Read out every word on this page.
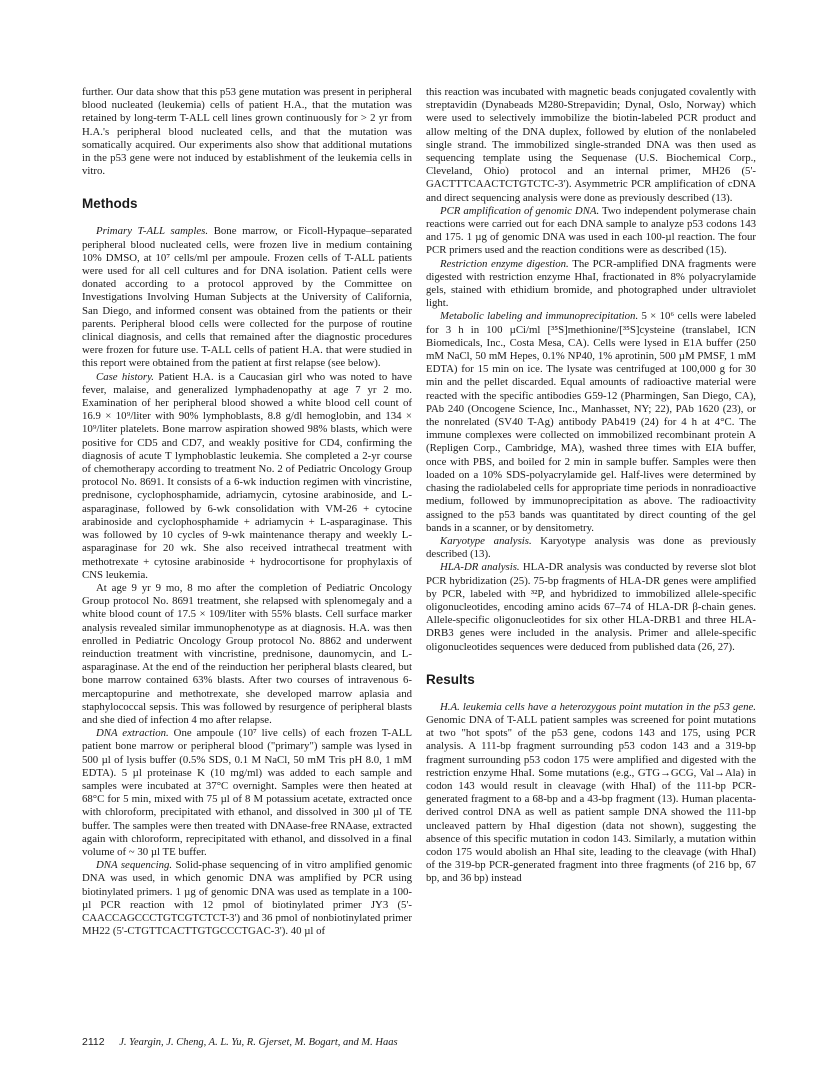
further. Our data show that this p53 gene mutation was present in peripheral blood nucleated (leukemia) cells of patient H.A., that the mutation was retained by long-term T-ALL cell lines grown continuously for > 2 yr from H.A.'s peripheral blood nucleated cells, and that the mutation was somatically acquired. Our experiments also show that additional mutations in the p53 gene were not induced by establishment of the leukemia cells in vitro.

Methods

Primary T-ALL samples. Bone marrow, or Ficoll-Hypaque–separated peripheral blood nucleated cells, were frozen live in medium containing 10% DMSO, at 10⁷ cells/ml per ampoule. Frozen cells of T-ALL patients were used for all cell cultures and for DNA isolation. Patient cells were donated according to a protocol approved by the Committee on Investigations Involving Human Subjects at the University of California, San Diego, and informed consent was obtained from the patients or their parents. Peripheral blood cells were collected for the purpose of routine clinical diagnosis, and cells that remained after the diagnostic procedures were frozen for future use. T-ALL cells of patient H.A. that were studied in this report were obtained from the patient at first relapse (see below).

Case history. Patient H.A. is a Caucasian girl who was noted to have fever, malaise, and generalized lymphadenopathy at age 7 yr 2 mo. Examination of her peripheral blood showed a white blood cell count of 16.9 × 10⁹/liter with 90% lymphoblasts, 8.8 g/dl hemoglobin, and 134 × 10⁹/liter platelets. Bone marrow aspiration showed 98% blasts, which were positive for CD5 and CD7, and weakly positive for CD4, confirming the diagnosis of acute T lymphoblastic leukemia. She completed a 2-yr course of chemotherapy according to treatment No. 2 of Pediatric Oncology Group protocol No. 8691. It consists of a 6-wk induction regimen with vincristine, prednisone, cyclophosphamide, adriamycin, cytosine arabinoside, and L-asparaginase, followed by 6-wk consolidation with VM-26 + cytocine arabinoside and cyclophosphamide + adriamycin + L-asparaginase. This was followed by 10 cycles of 9-wk maintenance therapy and weekly L-asparaginase for 20 wk. She also received intrathecal treatment with methotrexate + cytosine arabinoside + hydrocortisone for prophylaxis of CNS leukemia.

At age 9 yr 9 mo, 8 mo after the completion of Pediatric Oncology Group protocol No. 8691 treatment, she relapsed with splenomegaly and a white blood count of 17.5 × 109/liter with 55% blasts. Cell surface marker analysis revealed similar immunophenotype as at diagnosis. H.A. was then enrolled in Pediatric Oncology Group protocol No. 8862 and underwent reinduction treatment with vincristine, prednisone, daunomycin, and L-asparaginase. At the end of the reinduction her peripheral blasts cleared, but bone marrow contained 63% blasts. After two courses of intravenous 6-mercaptopurine and methotrexate, she developed marrow aplasia and staphylococcal sepsis. This was followed by resurgence of peripheral blasts and she died of infection 4 mo after relapse.

DNA extraction. One ampoule (10⁷ live cells) of each frozen T-ALL patient bone marrow or peripheral blood ("primary") sample was lysed in 500 µl of lysis buffer (0.5% SDS, 0.1 M NaCl, 50 mM Tris pH 8.0, 1 mM EDTA). 5 µl proteinase K (10 mg/ml) was added to each sample and samples were incubated at 37°C overnight. Samples were then heated at 68°C for 5 min, mixed with 75 µl of 8 M potassium acetate, extracted once with chloroform, precipitated with ethanol, and dissolved in 300 µl of TE buffer. The samples were then treated with DNAase-free RNAase, extracted again with chloroform, reprecipitated with ethanol, and dissolved in a final volume of ~ 30 µl TE buffer.

DNA sequencing. Solid-phase sequencing of in vitro amplified genomic DNA was used, in which genomic DNA was amplified by PCR using biotinylated primers. 1 µg of genomic DNA was used as template in a 100-µl PCR reaction with 12 pmol of biotinylated primer JY3 (5'-CAACCAGCCCTGTCGTCTCT-3') and 36 pmol of nonbiotinylated primer MH22 (5'-CTGTTCACTTGTGCCCTGAC-3'). 40 µl of

this reaction was incubated with magnetic beads conjugated covalently with streptavidin (Dynabeads M280-Strepavidin; Dynal, Oslo, Norway) which were used to selectively immobilize the biotin-labeled PCR product and allow melting of the DNA duplex, followed by elution of the nonlabeled single strand. The immobilized single-stranded DNA was then used as sequencing template using the Sequenase (U.S. Biochemical Corp., Cleveland, Ohio) protocol and an internal primer, MH26 (5'-GACTTTCAACTCTGTCTC-3'). Asymmetric PCR amplification of cDNA and direct sequencing analysis were done as previously described (13).

PCR amplification of genomic DNA. Two independent polymerase chain reactions were carried out for each DNA sample to analyze p53 codons 143 and 175. 1 µg of genomic DNA was used in each 100-µl reaction. The four PCR primers used and the reaction conditions were as described (15).

Restriction enzyme digestion. The PCR-amplified DNA fragments were digested with restriction enzyme HhaI, fractionated in 8% polyacrylamide gels, stained with ethidium bromide, and photographed under ultraviolet light.

Metabolic labeling and immunoprecipitation. 5 × 10⁶ cells were labeled for 3 h in 100 µCi/ml [³⁵S]methionine/[³⁵S]cysteine (translabel, ICN Biomedicals, Inc., Costa Mesa, CA). Cells were lysed in E1A buffer (250 mM NaCl, 50 mM Hepes, 0.1% NP40, 1% aprotinin, 500 µM PMSF, 1 mM EDTA) for 15 min on ice. The lysate was centrifuged at 100,000 g for 30 min and the pellet discarded. Equal amounts of radioactive material were reacted with the specific antibodies G59-12 (Pharmingen, San Diego, CA), PAb 240 (Oncogene Science, Inc., Manhasset, NY; 22), PAb 1620 (23), or the nonrelated (SV40 T-Ag) antibody PAb419 (24) for 4 h at 4°C. The immune complexes were collected on immobilized recombinant protein A (Repligen Corp., Cambridge, MA), washed three times with EIA buffer, once with PBS, and boiled for 2 min in sample buffer. Samples were then loaded on a 10% SDS-polyacrylamide gel. Half-lives were determined by chasing the radiolabeled cells for appropriate time periods in nonradioactive medium, followed by immunoprecipitation as above. The radioactivity assigned to the p53 bands was quantitated by direct counting of the gel bands in a scanner, or by densitometry.

Karyotype analysis. Karyotype analysis was done as previously described (13).

HLA-DR analysis. HLA-DR analysis was conducted by reverse slot blot PCR hybridization (25). 75-bp fragments of HLA-DR genes were amplified by PCR, labeled with ³²P, and hybridized to immobilized allele-specific oligonucleotides, encoding amino acids 67–74 of HLA-DR β-chain genes. Allele-specific oligonucleotides for six other HLA-DRB1 and three HLA-DRB3 genes were included in the analysis. Primer and allele-specific oligonucleotides sequences were deduced from published data (26, 27).

Results

H.A. leukemia cells have a heterozygous point mutation in the p53 gene. Genomic DNA of T-ALL patient samples was screened for point mutations at two "hot spots" of the p53 gene, codons 143 and 175, using PCR analysis. A 111-bp fragment surrounding p53 codon 143 and a 319-bp fragment surrounding p53 codon 175 were amplified and digested with the restriction enzyme HhaI. Some mutations (e.g., GTG→GCG, Val→Ala) in codon 143 would result in cleavage (with HhaI) of the 111-bp PCR-generated fragment to a 68-bp and a 43-bp fragment (13). Human placenta-derived control DNA as well as patient sample DNA showed the 111-bp uncleaved pattern by HhaI digestion (data not shown), suggesting the absence of this specific mutation in codon 143. Similarly, a mutation within codon 175 would abolish an HhaI site, leading to the cleavage (with HhaI) of the 319-bp PCR-generated fragment into three fragments (of 216 bp, 67 bp, and 36 bp) instead

2112 J. Yeargin, J. Cheng, A. L. Yu, R. Gjerset, M. Bogart, and M. Haas
